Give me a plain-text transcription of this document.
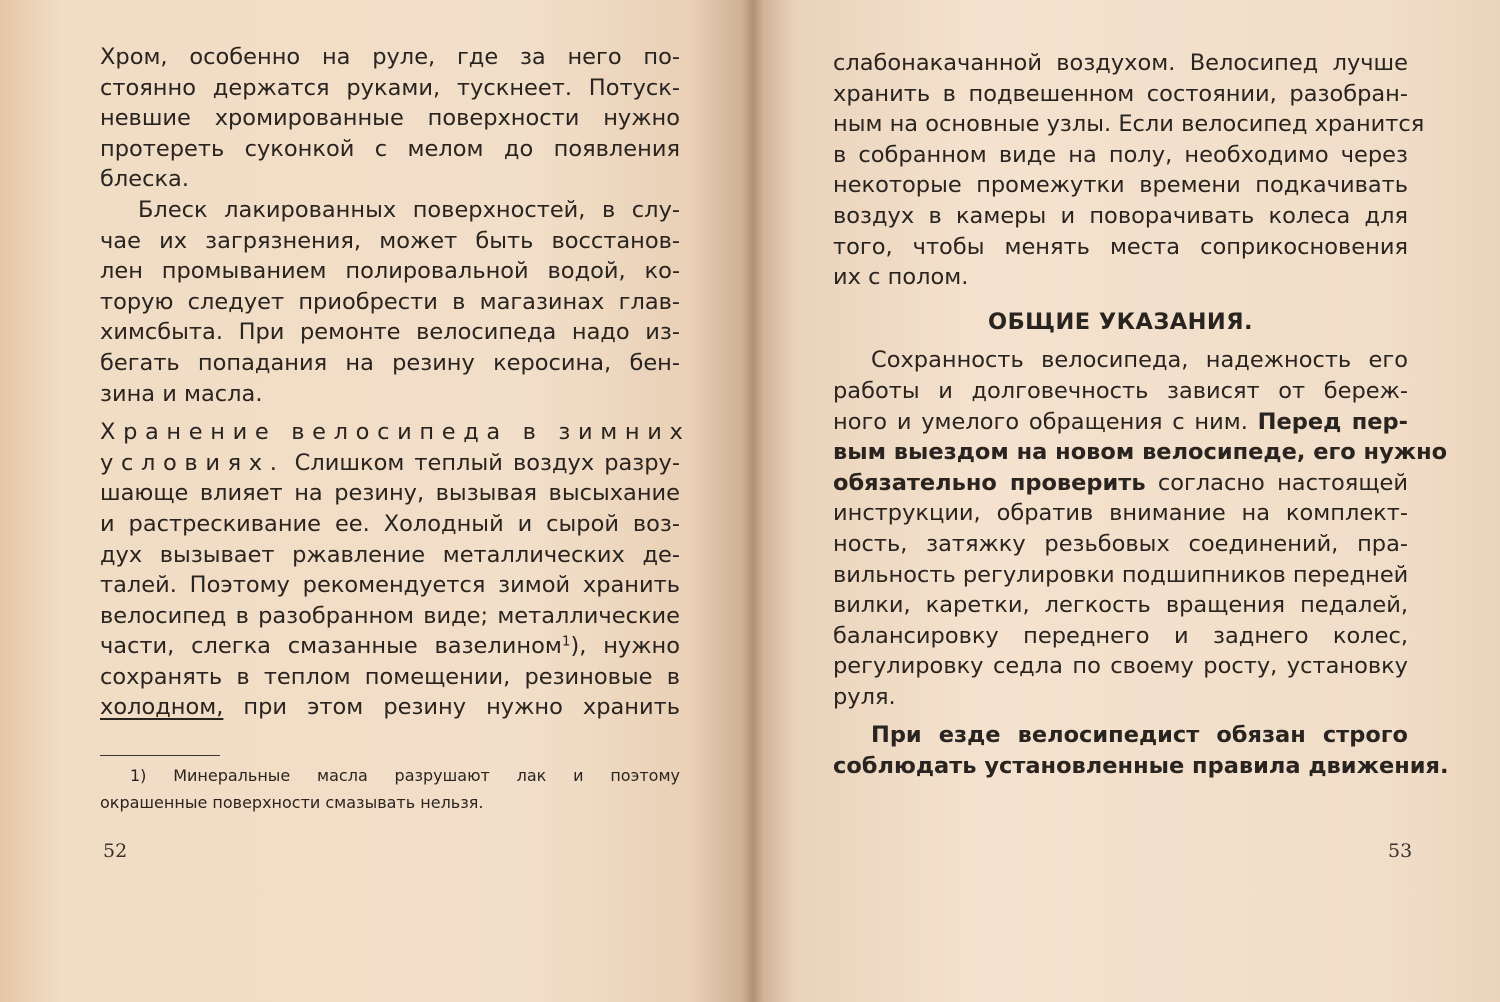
Хром, особенно на руле, где за него по-
стоянно держатся руками, тускнеет. Потуск-
невшие хромированные поверхности нужно
протереть суконкой с мелом до появления
блеска.
Блеск лакированных поверхностей, в слу-
чае их загрязнения, может быть восстанов-
лен промыванием полировальной водой, ко-
торую следует приобрести в магазинах глав-
химсбыта. При ремонте велосипеда надо из-
бегать попадания на резину керосина, бен-
зина и масла.
Хранение велосипеда в зимних
условиях. Слишком теплый воздух разру-
шающе влияет на резину, вызывая высыхание
и растрескивание ее. Холодный и сырой воз-
дух вызывает ржавление металлических де-
талей. Поэтому рекомендуется зимой хранить
велосипед в разобранном виде; металлические
части, слегка смазанные вазелином$^1$), нужно
сохранять в теплом помещении, резиновые в
холодном, при этом резину нужно хранить
1) Минеральные масла разрушают лак и поэтому
окрашенные поверхности смазывать нельзя.
52
слабонакачанной воздухом. Велосипед лучше
хранить в подвешенном состоянии, разобран-
ным на основные узлы. Если велосипед хранится
в собранном виде на полу, необходимо через
некоторые промежутки времени подкачивать
воздух в камеры и поворачивать колеса для
того, чтобы менять места соприкосновения
их с полом.
ОБЩИЕ УКАЗАНИЯ.
Сохранность велосипеда, надежность его
работы и долговечность зависят от береж-
ного и умелого обращения с ним. Перед пер-
вым выездом на новом велосипеде, его нужно
обязательно проверить согласно настоящей
инструкции, обратив внимание на комплект-
ность, затяжку резьбовых соединений, пра-
вильность регулировки подшипников передней
вилки, каретки, легкость вращения педалей,
балансировку переднего и заднего колес,
регулировку седла по своему росту, установку
руля.
При езде велосипедист обязан строго
соблюдать установленные правила движения.
53
